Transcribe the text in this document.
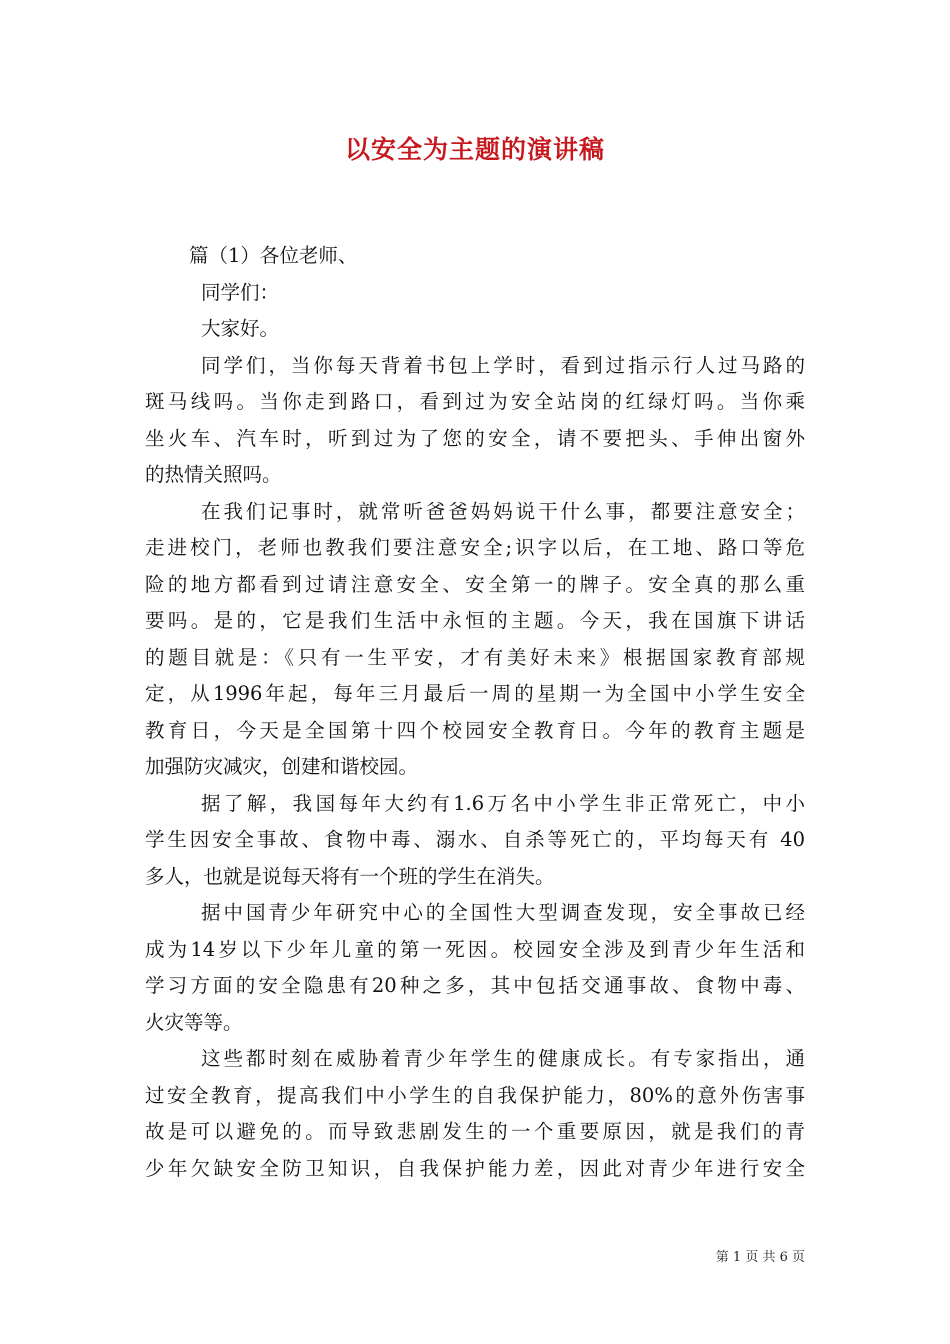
以安全为主题的演讲稿

篇（1）各位老师、

同学们：

大家好。

同学们，当你每天背着书包上学时，看到过指示行人过马路的

斑马线吗。当你走到路口，看到过为安全站岗的红绿灯吗。当你乘

坐火车、汽车时，听到过为了您的安全，请不要把头、手伸出窗外

的热情关照吗。

在我们记事时，就常听爸爸妈妈说干什么事，都要注意安全；

走进校门，老师也教我们要注意安全;识字以后，在工地、路口等危

险的地方都看到过请注意安全、安全第一的牌子。安全真的那么重

要吗。是的，它是我们生活中永恒的主题。今天，我在国旗下讲话

的题目就是：《只有一生平安，才有美好未来》根据国家教育部规

定，从1996年起，每年三月最后一周的星期一为全国中小学生安全

教育日，今天是全国第十四个校园安全教育日。今年的教育主题是

加强防灾减灾，创建和谐校园。

据了解，我国每年大约有1.6万名中小学生非正常死亡，中小

学生因安全事故、食物中毒、溺水、自杀等死亡的，平均每天有 40

多人，也就是说每天将有一个班的学生在消失。

据中国青少年研究中心的全国性大型调查发现，安全事故已经

成为14岁以下少年儿童的第一死因。校园安全涉及到青少年生活和

学习方面的安全隐患有20种之多，其中包括交通事故、食物中毒、

火灾等等。

这些都时刻在威胁着青少年学生的健康成长。有专家指出，通

过安全教育，提高我们中小学生的自我保护能力，80%的意外伤害事

故是可以避免的。而导致悲剧发生的一个重要原因，就是我们的青

少年欠缺安全防卫知识，自我保护能力差，因此对青少年进行安全

第 1 页 共 6 页
